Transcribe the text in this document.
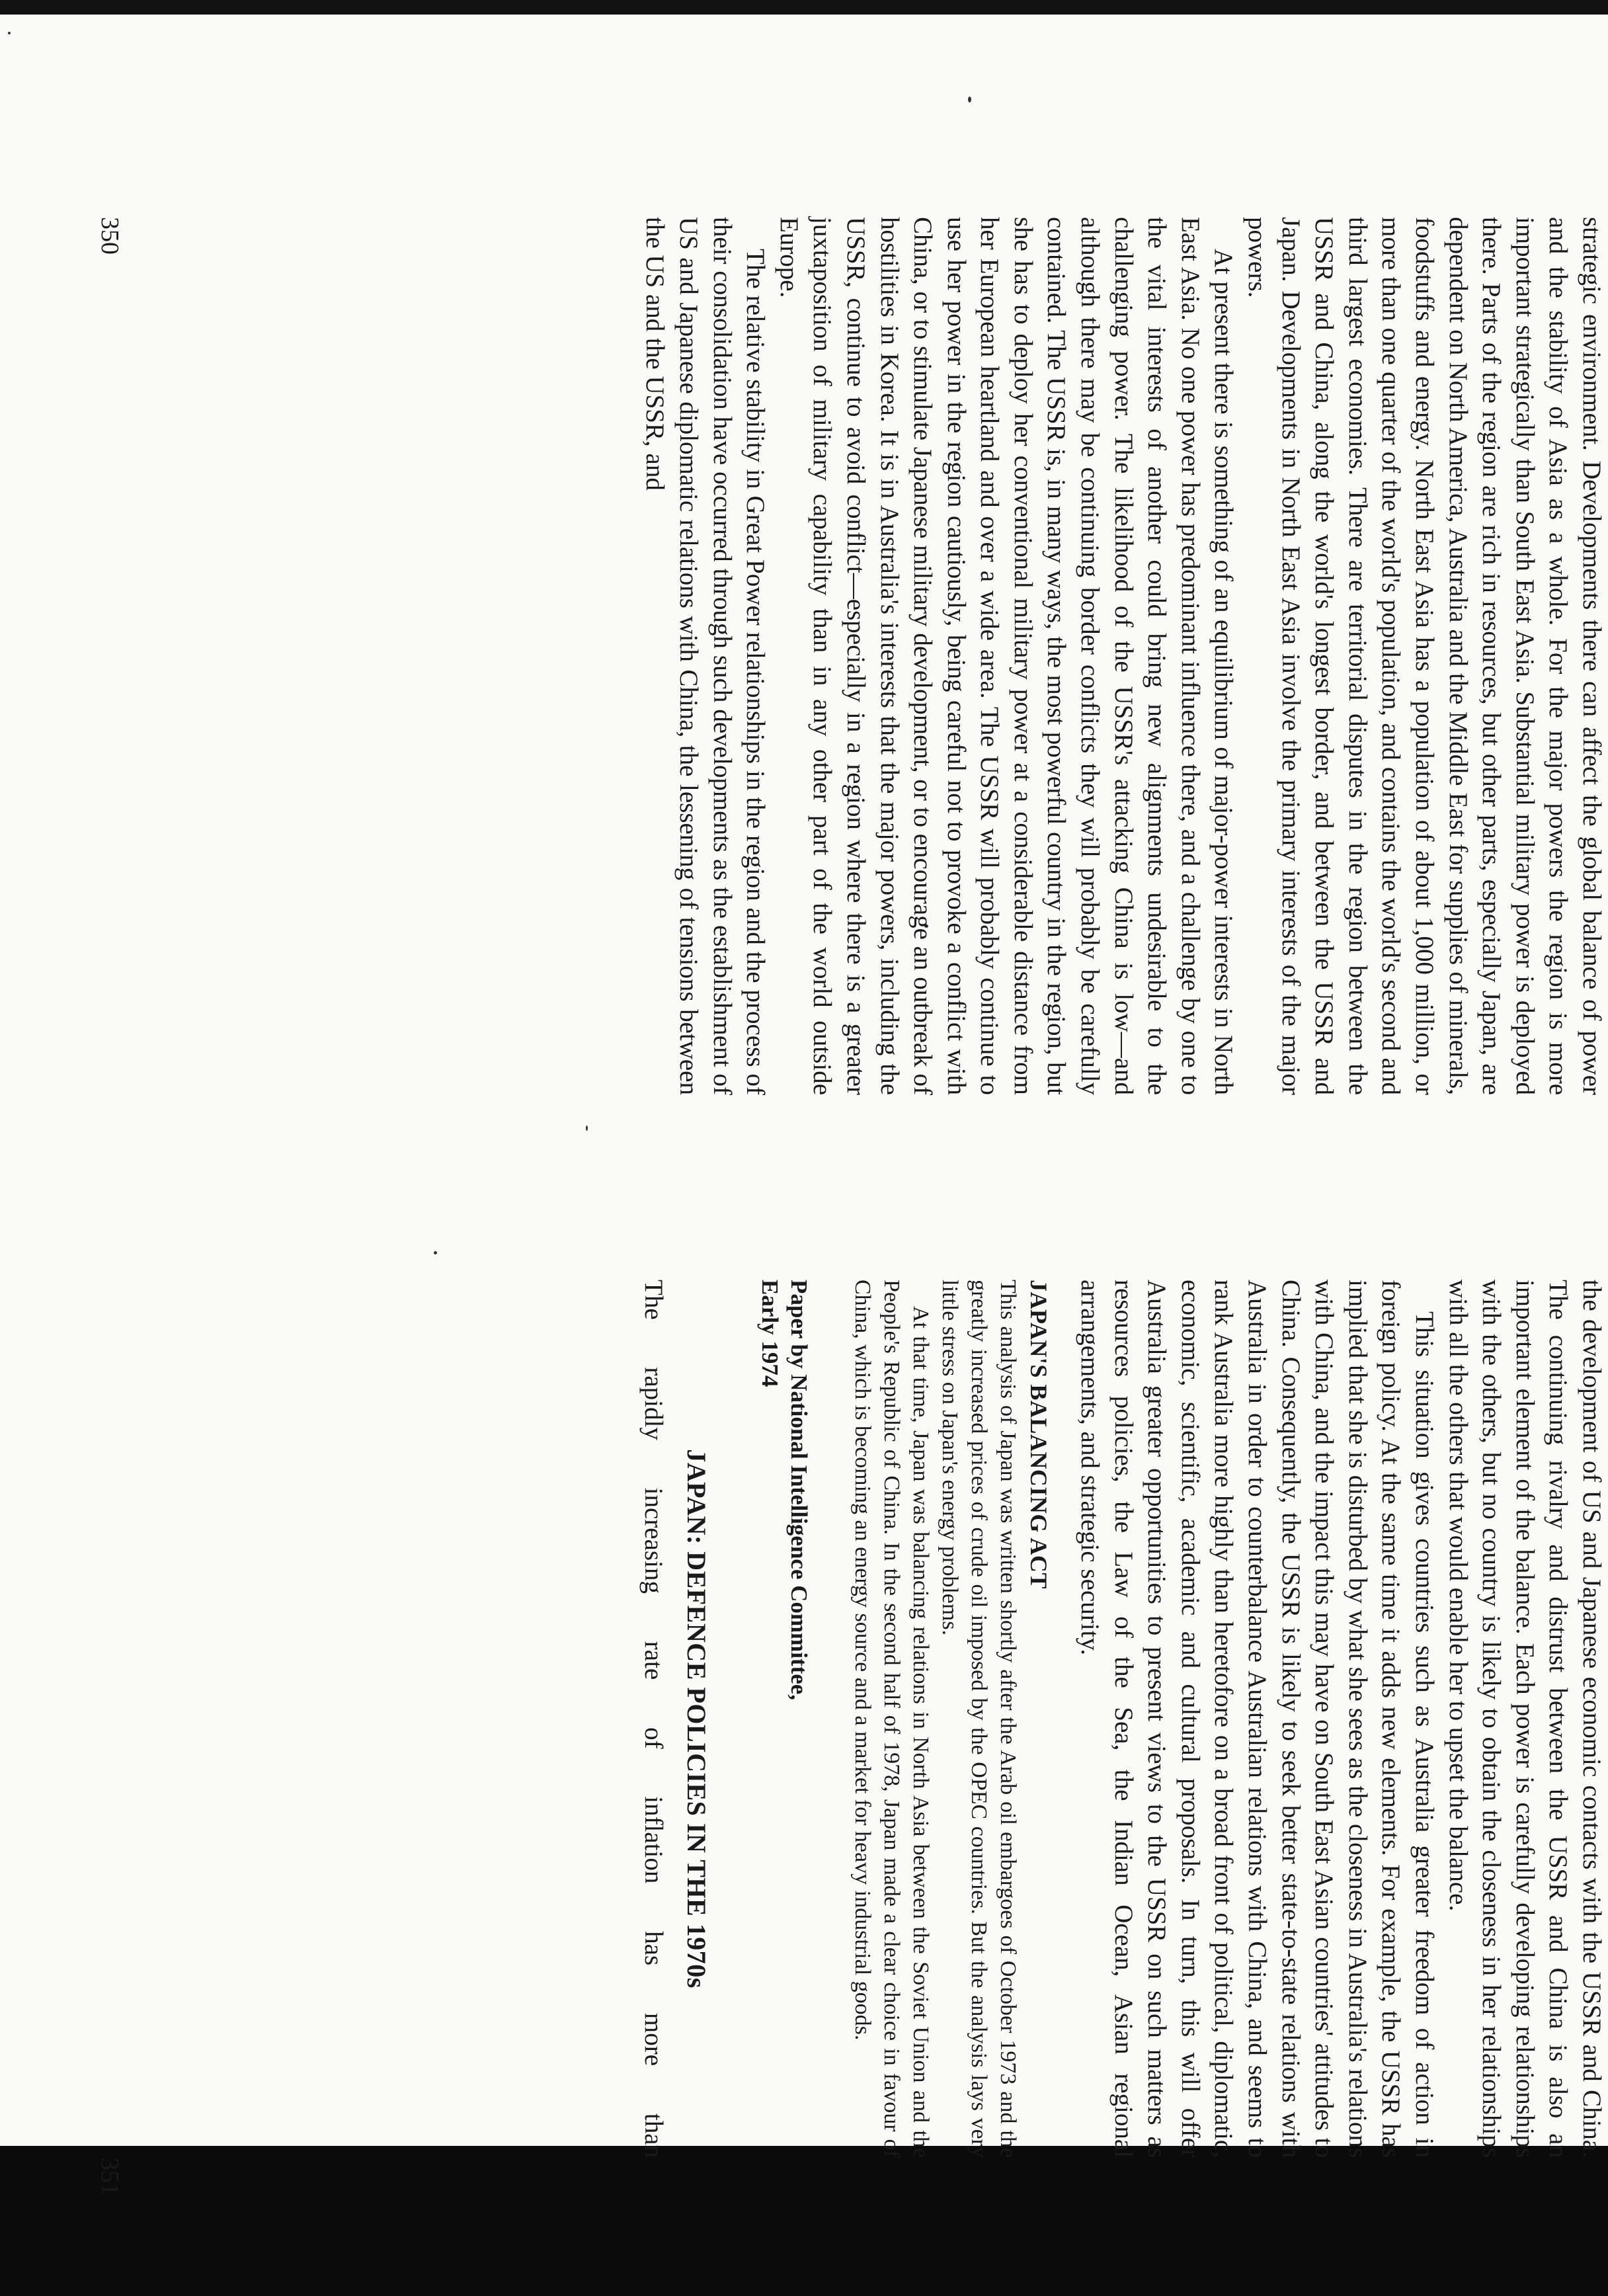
strategic environment. Developments there can affect the global balance of power and the stability of Asia as a whole. For the major powers the region is more important strategically than South East Asia. Substantial military power is deployed there. Parts of the region are rich in resources, but other parts, especially Japan, are dependent on North America, Australia and the Middle East for supplies of minerals, foodstuffs and energy. North East Asia has a population of about 1,000 million, or more than one quarter of the world's population, and contains the world's second and third largest economies. There are territorial disputes in the region between the USSR and China, along the world's longest border, and between the USSR and Japan. Developments in North East Asia involve the primary interests of the major powers.

At present there is something of an equilibrium of major-power interests in North East Asia. No one power has predominant influence there, and a challenge by one to the vital interests of another could bring new alignments undesirable to the challenging power. The likelihood of the USSR's attacking China is low—and although there may be continuing border conflicts they will probably be carefully contained. The USSR is, in many ways, the most powerful country in the region, but she has to deploy her conventional military power at a considerable distance from her European heartland and over a wide area. The USSR will probably continue to use her power in the region cautiously, being careful not to provoke a conflict with China, or to stimulate Japanese military development, or to encourage an outbreak of hostilities in Korea. It is in Australia's interests that the major powers, including the USSR, continue to avoid conflict—especially in a region where there is a greater juxtaposition of military capability than in any other part of the world outside Europe.

The relative stability in Great Power relationships in the region and the process of their consolidation have occurred through such developments as the establishment of US and Japanese diplomatic relations with China, the lessening of tensions between the US and the USSR, and

350

the development of US and Japanese economic contacts with the USSR and China. The continuing rivalry and distrust between the USSR and China is also an important element of the balance. Each power is carefully developing relationships with the others, but no country is likely to obtain the closeness in her relationships with all the others that would enable her to upset the balance.

This situation gives countries such as Australia greater freedom of action in foreign policy. At the same time it adds new elements. For example, the USSR has implied that she is disturbed by what she sees as the closeness in Australia's relations with China, and the impact this may have on South East Asian countries' attitudes to China. Consequently, the USSR is likely to seek better state-to-state relations with Australia in order to counterbalance Australian relations with China, and seems to rank Australia more highly than heretofore on a broad front of political, diplomatic, economic, scientific, academic and cultural proposals. In turn, this will offer Australia greater opportunities to present views to the USSR on such matters as resources policies, the Law of the Sea, the Indian Ocean, Asian regional arrangements, and strategic security.

JAPAN'S BALANCING ACT

This analysis of Japan was written shortly after the Arab oil embargoes of October 1973 and the greatly increased prices of crude oil imposed by the OPEC countries. But the analysis lays very little stress on Japan's energy problems.

At that time, Japan was balancing relations in North Asia between the Soviet Union and the People's Republic of China. In the second half of 1978, Japan made a clear choice in favour of China, which is becoming an energy source and a market for heavy industrial goods.

Paper by National Intelligence Committee,
Early 1974
JAPAN: DEFENCE POLICIES IN THE 1970s

The rapidly increasing rate of inflation has more than

351
